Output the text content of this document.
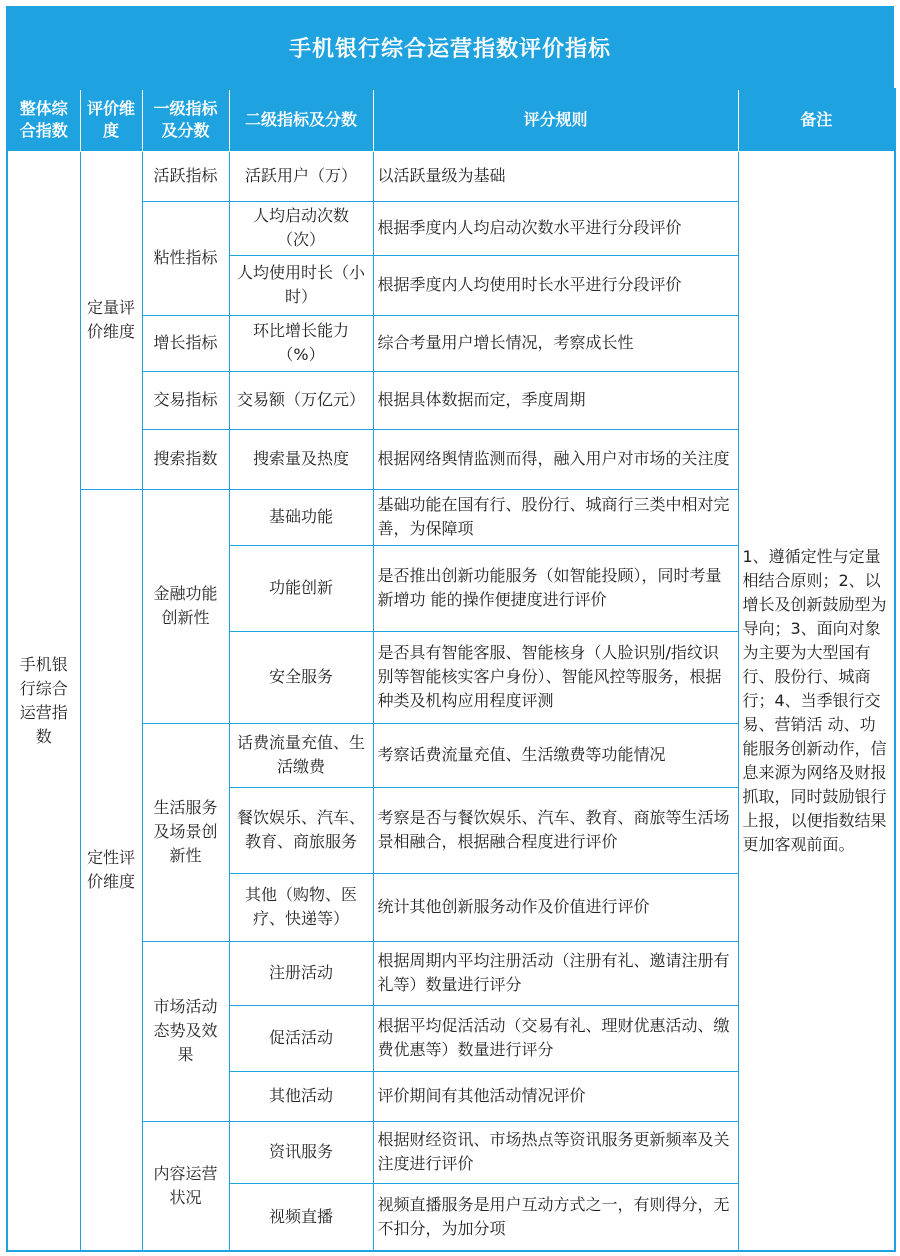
手机银行综合运营指数评价指标
整体综合指数	评价维度	一级指标及分数	二级指标及分数	评分规则	备注
手机银行综合运营指数	定量评价维度	活跃指标	活跃用户（万）	以活跃量级为基础	1、遵循定性与定量相结合原则；2、以增长及创新鼓励型为导向；3、面向对象为主要为大型国有行、股份行、城商行；4、当季银行交易、营销活 动、功能服务创新动作，信息来源为网络及财报抓取，同时鼓励银行上报，以便指数结果更加客观前面。
		粘性指标	人均启动次数（次）	根据季度内人均启动次数水平进行分段评价	
			人均使用时长（小时）	根据季度内人均使用时长水平进行分段评价	
		增长指标	环比增长能力（%）	综合考量用户增长情况，考察成长性	
		交易指标	交易额（万亿元）	根据具体数据而定，季度周期	
		搜索指数	搜索量及热度	根据网络舆情监测而得，融入用户对市场的关注度	
	定性评价维度	金融功能创新性	基础功能	基础功能在国有行、股份行、城商行三类中相对完善，为保障项	
			功能创新	是否推出创新功能服务（如智能投顾），同时考量新增功 能的操作便捷度进行评价	
			安全服务	是否具有智能客服、智能核身（人脸识别/指纹识别等智能核实客户身份）、智能风控等服务，根据种类及机构应用程度评测	
		生活服务及场景创新性	话费流量充值、生活缴费	考察话费流量充值、生活缴费等功能情况	
			餐饮娱乐、汽车、教育、商旅服务	考察是否与餐饮娱乐、汽车、教育、商旅等生活场景相融合，根据融合程度进行评价	
			其他（购物、医疗、快递等）	统计其他创新服务动作及价值进行评价	
		市场活动态势及效果	注册活动	根据周期内平均注册活动（注册有礼、邀请注册有礼等）数量进行评分	
			促活活动	根据平均促活活动（交易有礼、理财优惠活动、缴费优惠等）数量进行评分	
			其他活动	评价期间有其他活动情况评价	
		内容运营状况	资讯服务	根据财经资讯、市场热点等资讯服务更新频率及关注度进行评价	
			视频直播	视频直播服务是用户互动方式之一，有则得分，无不扣分，为加分项	
